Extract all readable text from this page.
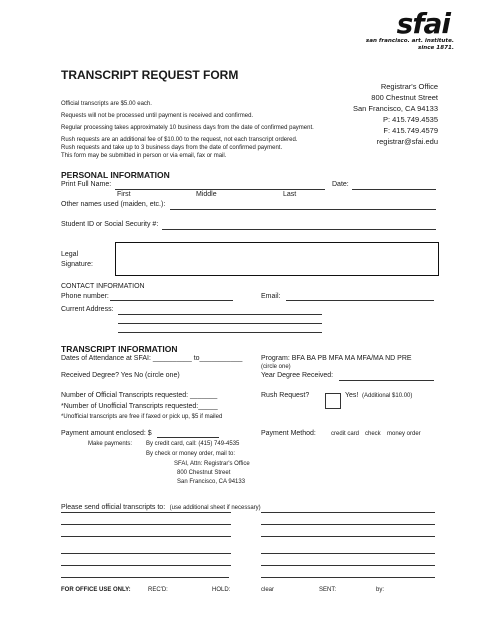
sfai
san francisco. art. institute.
since 1871.
TRANSCRIPT REQUEST FORM
Registrar's Office
800 Chestnut Street
San Francisco, CA 94133
P: 415.749.4535
F: 415.749.4579
registrar@sfai.edu
Official transcripts are $5.00 each.
Requests will not be processed until payment is received and confirmed.
Regular processing takes approximately 10 business days from the date of confirmed payment.
Rush requests are an additional fee of $10.00 to the request, not each transcript ordered.
Rush requests and take up to 3 business days from the date of confirmed payment.
This form may be submitted in person or via email, fax or mail.
PERSONAL INFORMATION
Print Full Name:	Date:
First	Middle	Last
Other names used (maiden, etc.):
Student ID or Social Security #:
Legal
Signature:
CONTACT INFORMATION
Phone number:	Email:
Current Address:
TRANSCRIPT INFORMATION
Dates of Attendance at SFAI: __________ to___________	Program: BFA BA PB MFA MA MFA/MA ND PRE
(circle one)
Received Degree? Yes No (circle one)	Year Degree Received:
Number of Official Transcripts requested: _______
*Number of Unofficial Transcripts requested:_____
*Unofficial transcripts are free if faxed or pick up, $5 if mailed
Rush Request?	Yes! (Additional $10.00)
Payment amount enclosed: $	Payment Method:	credit card check money order
Make payments: By credit card, call: (415) 749-4535
By check or money order, mail to:
SFAI, Attn: Registrar's Office
800 Chestnut Street
San Francisco, CA 94133
Please send official transcripts to: (use additional sheet if necessary)
FOR OFFICE USE ONLY:	REC'D:	HOLD:	clear	SENT:	by:
